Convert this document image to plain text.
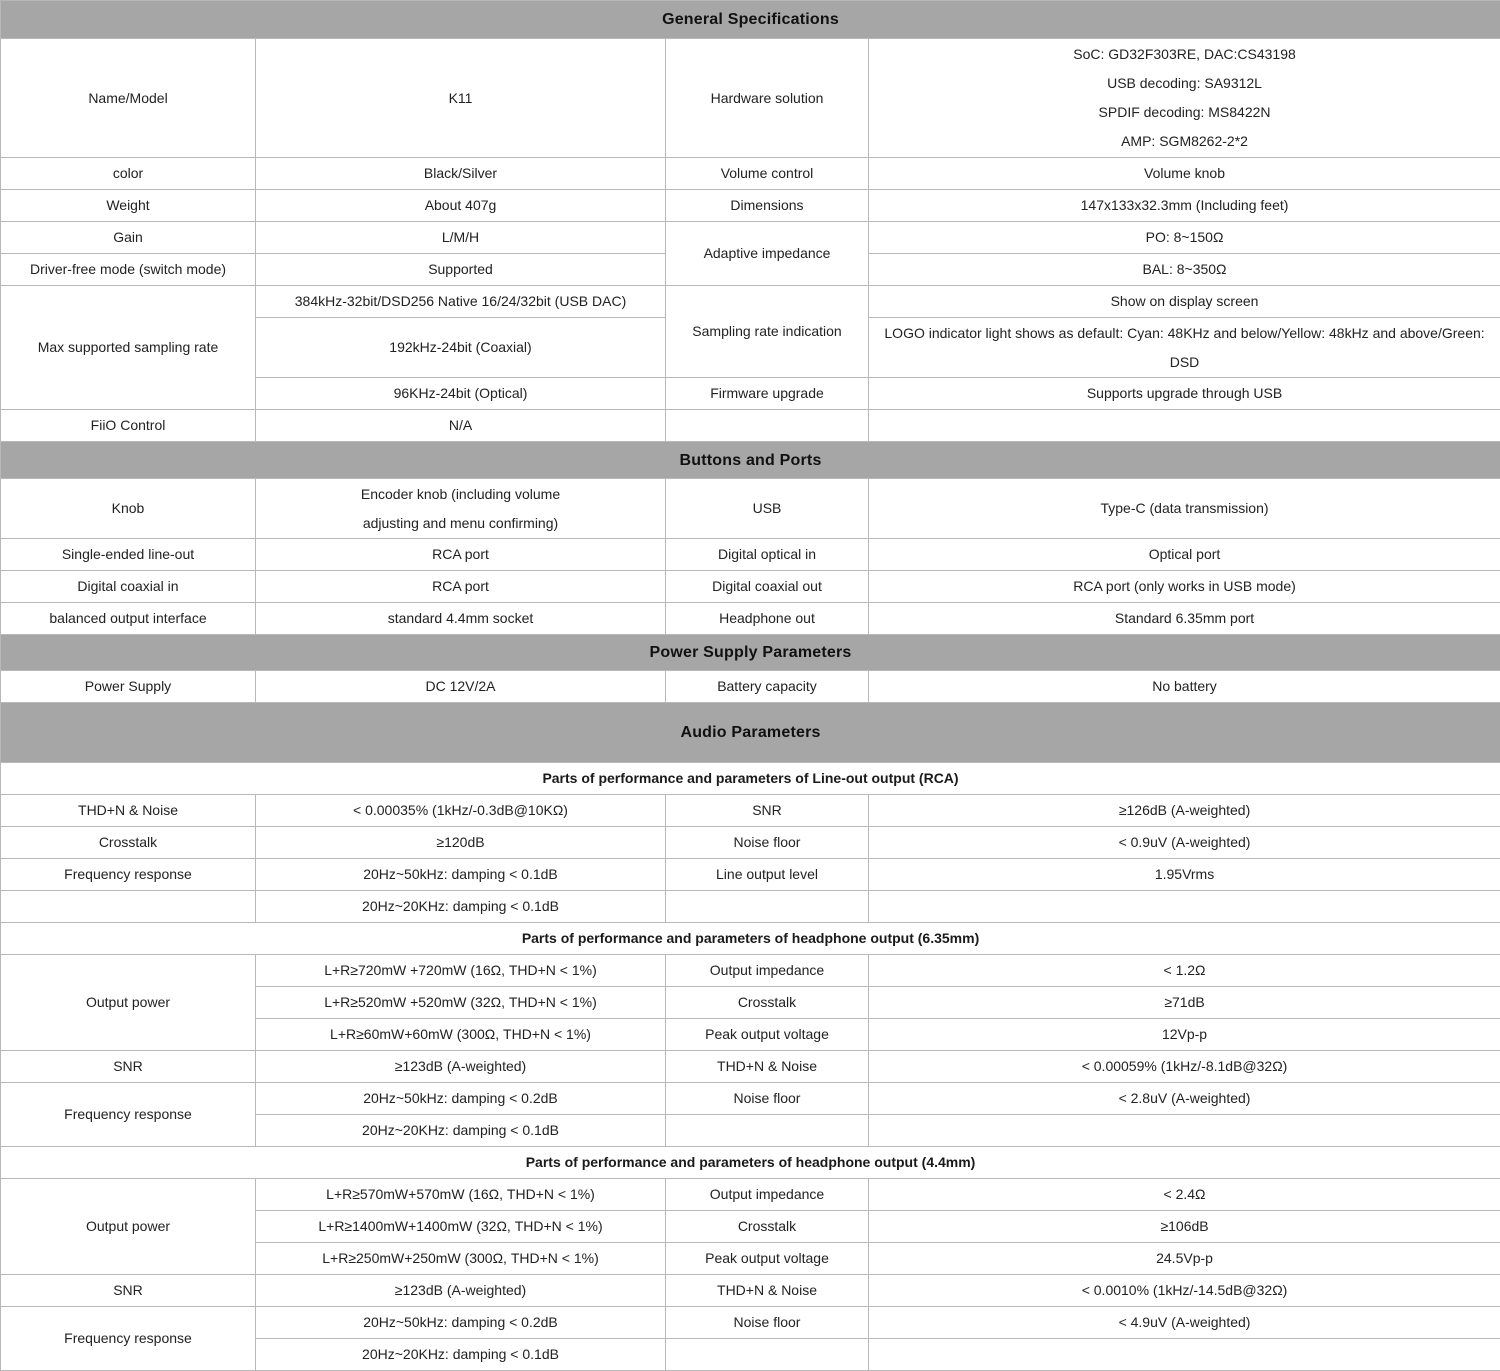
General Specifications			
Name/Model	K11	Hardware solution	SoC: GD32F303RE, DAC:CS43198
USB decoding: SA9312L
SPDIF decoding: MS8422N
AMP: SGM8262-2*2

color	Black/Silver	Volume control	Volume knob
Weight	About 407g	Dimensions	147x133x32.3mm (Including feet)
Gain	L/M/H	Adaptive impedance	PO: 8~150Ω
Driver-free mode (switch mode)	Supported		BAL: 8~350Ω
Max supported sampling rate	384kHz-32bit/DSD256 Native 16/24/32bit (USB DAC)	Sampling rate indication	Show on display screen
	192kHz-24bit (Coaxial)		LOGO indicator light shows as default: Cyan: 48KHz and below/Yellow: 48kHz and above/Green:
DSD

	96KHz-24bit (Optical)	Firmware upgrade	Supports upgrade through USB
FiiO Control	N/A		
Buttons and Ports			
Knob	Encoder knob (including volume
adjusting and menu confirming)	USB	Type-C (data transmission)
Single-ended line-out	RCA port	Digital optical in	Optical port
Digital coaxial in	RCA port	Digital coaxial out	RCA port (only works in USB mode)
balanced output interface	standard 4.4mm socket	Headphone out	Standard 6.35mm port
Power Supply Parameters			
Power Supply	DC 12V/2A	Battery capacity	No battery
Audio Parameters			
Parts of performance and parameters of Line-out output (RCA)			
THD+N & Noise	< 0.00035% (1kHz/-0.3dB@10KΩ)	SNR	≥126dB (A-weighted)
Crosstalk	≥120dB	Noise floor	< 0.9uV (A-weighted)
Frequency response	20Hz~50kHz: damping < 0.1dB	Line output level	1.95Vrms
	20Hz~20KHz: damping < 0.1dB		
Parts of performance and parameters of headphone output (6.35mm)			
Output power	L+R≥720mW +720mW (16Ω, THD+N < 1%)	Output impedance	< 1.2Ω
	L+R≥520mW +520mW (32Ω, THD+N < 1%)	Crosstalk	≥71dB
	L+R≥60mW+60mW (300Ω, THD+N < 1%)	Peak output voltage	12Vp-p
SNR	≥123dB (A-weighted)	THD+N & Noise	< 0.00059% (1kHz/-8.1dB@32Ω)
Frequency response	20Hz~50kHz: damping < 0.2dB	Noise floor	< 2.8uV (A-weighted)
	20Hz~20KHz: damping < 0.1dB		
Parts of performance and parameters of headphone output (4.4mm)			
Output power	L+R≥570mW+570mW (16Ω, THD+N < 1%)	Output impedance	< 2.4Ω
	L+R≥1400mW+1400mW (32Ω, THD+N < 1%)	Crosstalk	≥106dB
	L+R≥250mW+250mW (300Ω, THD+N < 1%)	Peak output voltage	24.5Vp-p
SNR	≥123dB (A-weighted)	THD+N & Noise	< 0.0010% (1kHz/-14.5dB@32Ω)
Frequency response	20Hz~50kHz: damping < 0.2dB	Noise floor	< 4.9uV (A-weighted)
	20Hz~20KHz: damping < 0.1dB		
